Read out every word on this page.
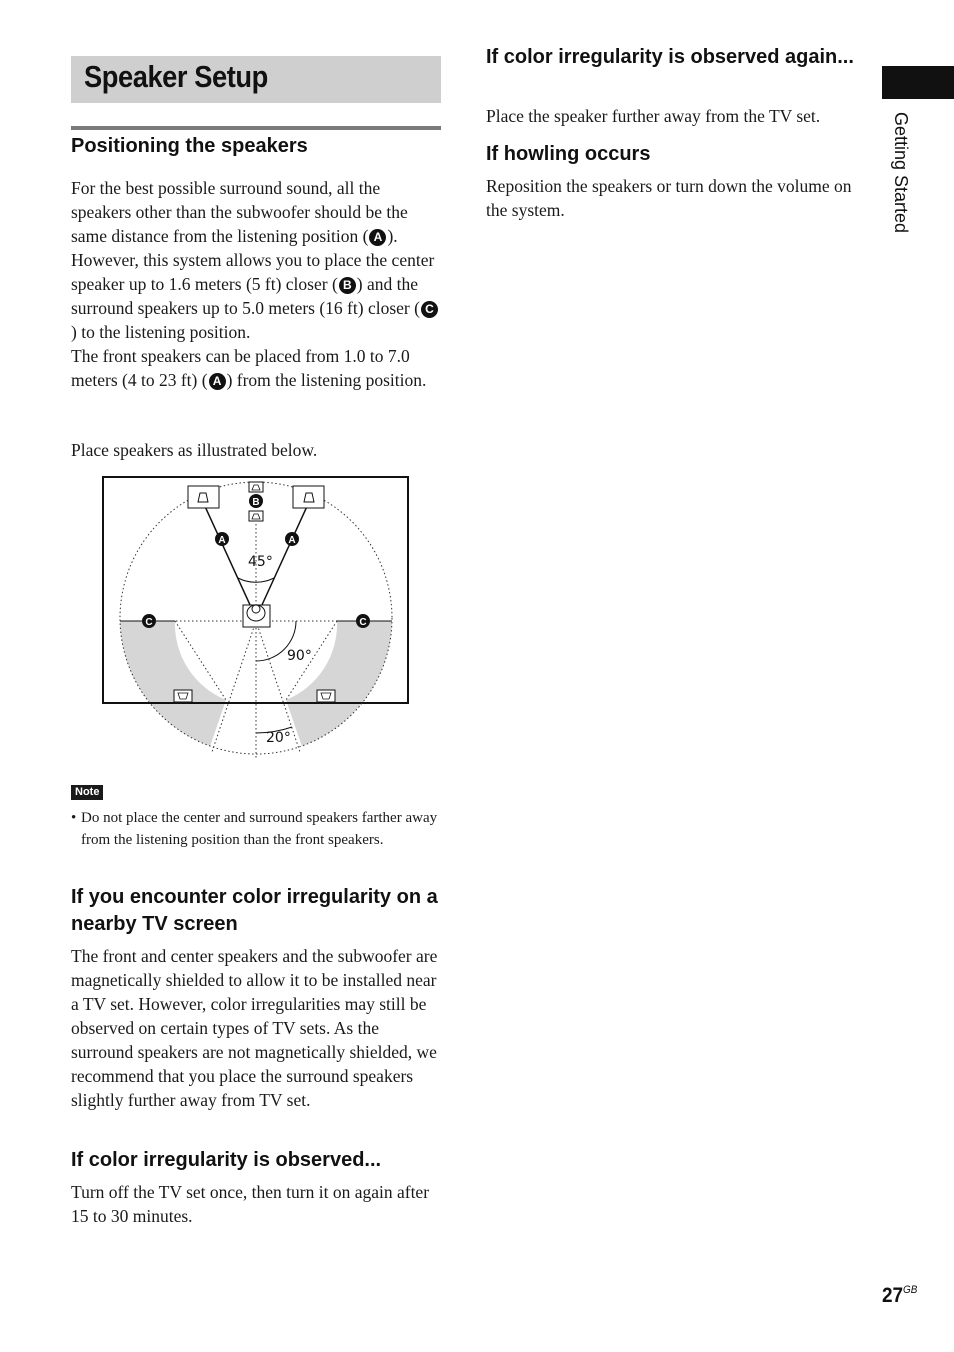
Speaker Setup
Positioning the speakers
For the best possible surround sound, all the speakers other than the subwoofer should be the same distance from the listening position ( A ). However, this system allows you to place the center speaker up to 1.6 meters (5 ft) closer ( B ) and the surround speakers up to 5.0 meters (16 ft) closer ( C) to the listening position.
The front speakers can be placed from 1.0 to 7.0 meters (4 to 23 ft) ( A ) from the listening position.
Place speakers as illustrated below.
B
A	A
C	C
45°
90°
20°
Note
• Do not place the center and surround speakers farther away from the listening position than the front speakers.
If you encounter color irregularity on a nearby TV screen
The front and center speakers and the subwoofer are magnetically shielded to allow it to be installed near a TV set. However, color irregularities may still be observed on certain types of TV sets. As the surround speakers are not magnetically shielded, we recommend that you place the surround speakers slightly further away from TV set.
If color irregularity is observed...
Turn off the TV set once, then turn it on again after 15 to 30 minutes.
If color irregularity is observed again...
Place the speaker further away from the TV set.
If howling occurs
Reposition the speakers or turn down the volume on the system.	Getting Started
$27^{GB}$
